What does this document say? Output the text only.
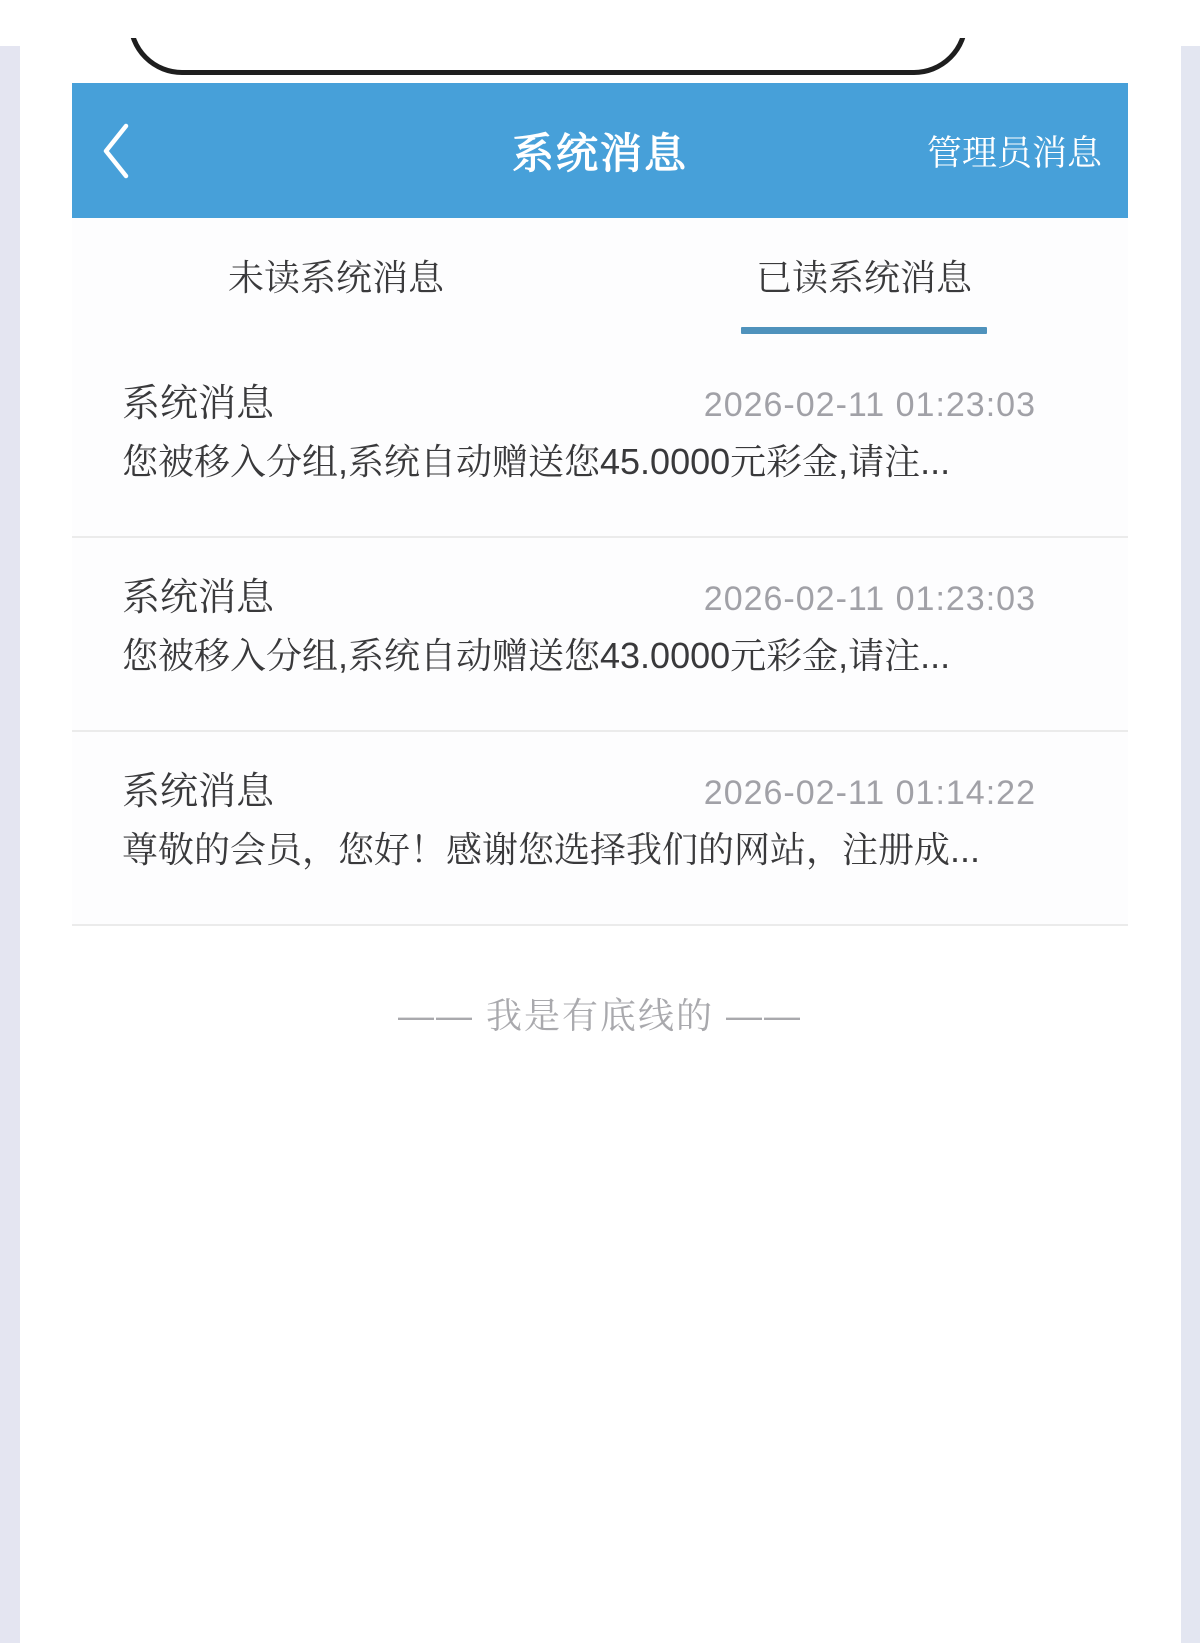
系统消息	管理员消息
未读系统消息	已读系统消息
系统消息	2026-02-11 01:23:03
您被移入分组,系统自动赠送您45.0000元彩金,请注...
系统消息	2026-02-11 01:23:03
您被移入分组,系统自动赠送您43.0000元彩金,请注...
系统消息	2026-02-11 01:14:22
尊敬的会员，您好！感谢您选择我们的网站，注册成...
—— 我是有底线的 ——
